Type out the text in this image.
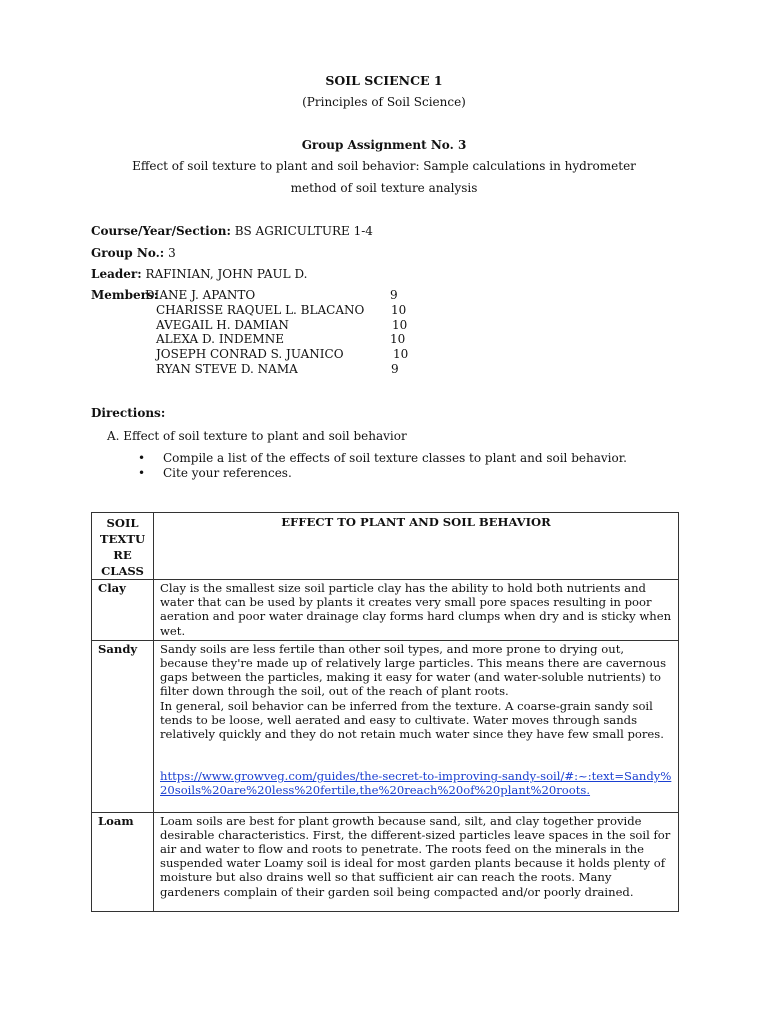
SOIL SCIENCE 1
(Principles of Soil Science)
Group Assignment No. 3
Effect of soil texture to plant and soil behavior: Sample calculations in hydrometer
method of soil texture analysis
Course/Year/Section: BS AGRICULTURE 1-4
Group No.: 3
Leader: RAFINIAN, JOHN PAUL D.
Members:
DIANE J. APANTO	9
CHARISSE RAQUEL L. BLACANO 10
AVEGAIL H. DAMIAN	10
ALEXA D. INDEMNE	10
JOSEPH CONRAD S. JUANICO	10
RYAN STEVE D. NAMA	9
Directions:
A. Effect of soil texture to plant and soil behavior
• Compile a list of the effects of soil texture classes to plant and soil behavior.
• Cite your references.
SOIL
TEXTU
RE
CLASS	EFFECT TO PLANT AND SOIL BEHAVIOR
Clay	Clay is the smallest size soil particle clay has the ability to hold both nutrients and water that can be used by plants it creates very small pore spaces resulting in poor aeration and poor water drainage clay forms hard clumps when dry and is sticky when wet.

Sandy	Sandy soils are less fertile than other soil types, and more prone to drying out, because they're made up of relatively large particles. This means there are cavernous gaps between the particles, making it easy for water (and water-soluble nutrients) to filter down through the soil, out of the reach of plant roots.

In general, soil behavior can be inferred from the texture. A coarse-grain sandy soil tends to be loose, well aerated and easy to cultivate. Water moves through sands relatively quickly and they do not retain much water since they have few small pores.

https://www.growveg.com/guides/the-secret-to-improving-sandy-soil/#:~:text=Sandy%20soils%20are%20less%20fertile,the%20reach%20of%20plant%20roots.

Loam	Loam soils are best for plant growth because sand, silt, and clay together provide desirable characteristics. First, the different-sized particles leave spaces in the soil for air and water to flow and roots to penetrate. The roots feed on the minerals in the suspended water Loamy soil is ideal for most garden plants because it holds plenty of moisture but also drains well so that sufficient air can reach the roots. Many gardeners complain of their garden soil being compacted and/or poorly drained.
